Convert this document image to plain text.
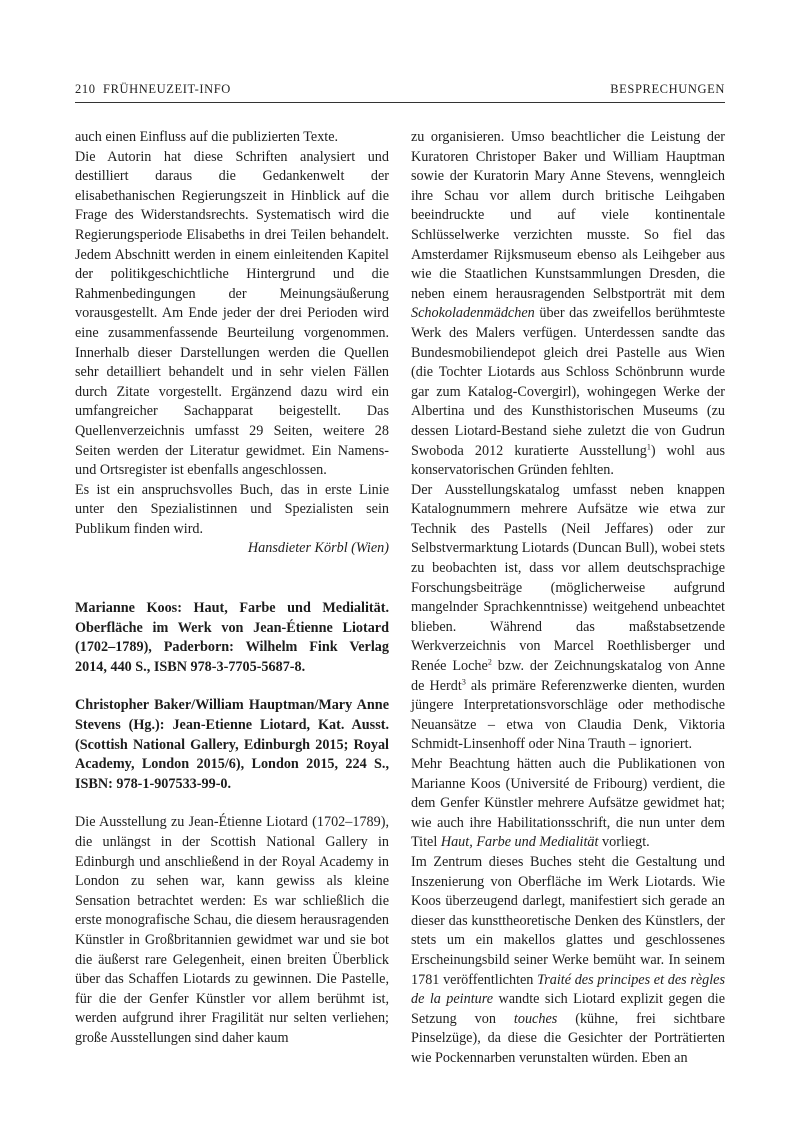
210 FRÜHNEUZEIT-INFO	BESPRECHUNGEN

auch einen Einfluss auf die publizierten Texte.

Die Autorin hat diese Schriften analysiert und destilliert daraus die Gedankenwelt der elisabethanischen Regierungszeit in Hinblick auf die Frage des Widerstandsrechts. Systematisch wird die Regierungsperiode Elisabeths in drei Teilen behandelt. Jedem Abschnitt werden in einem einleitenden Kapitel der politikgeschichtliche Hintergrund und die Rahmenbedingungen der Meinungsäußerung vorausgestellt. Am Ende jeder der drei Perioden wird eine zusammenfassende Beurteilung vorgenommen. Innerhalb dieser Darstellungen werden die Quellen sehr detailliert behandelt und in sehr vielen Fällen durch Zitate vorgestellt. Ergänzend dazu wird ein umfangreicher Sachapparat beigestellt. Das Quellenverzeichnis umfasst 29 Seiten, weitere 28 Seiten werden der Literatur gewidmet. Ein Namens- und Ortsregister ist ebenfalls angeschlossen.

Es ist ein anspruchsvolles Buch, das in erste Linie unter den Spezialistinnen und Spezialisten sein Publikum finden wird.

Hansdieter Körbl (Wien)

Marianne Koos: Haut, Farbe und Medialität. Oberfläche im Werk von Jean-Étienne Liotard (1702–1789), Paderborn: Wilhelm Fink Verlag 2014, 440 S., ISBN 978-3-7705-5687-8.

Christopher Baker/William Hauptman/Mary Anne Stevens (Hg.): Jean-Etienne Liotard, Kat. Ausst. (Scottish National Gallery, Edinburgh 2015; Royal Academy, London 2015/6), London 2015, 224 S., ISBN: 978-1-907533-99-0.

Die Ausstellung zu Jean-Étienne Liotard (1702–1789), die unlängst in der Scottish National Gallery in Edinburgh und anschließend in der Royal Academy in London zu sehen war, kann gewiss als kleine Sensation betrachtet werden: Es war schließlich die erste monografische Schau, die diesem herausragenden Künstler in Großbritannien gewidmet war und sie bot die äußerst rare Gelegenheit, einen breiten Überblick über das Schaffen Liotards zu gewinnen. Die Pastelle, für die der Genfer Künstler vor allem berühmt ist, werden aufgrund ihrer Fragilität nur selten verliehen; große Ausstellungen sind daher kaum

zu organisieren. Umso beachtlicher die Leistung der Kuratoren Christoper Baker und William Hauptman sowie der Kuratorin Mary Anne Stevens, wenngleich ihre Schau vor allem durch britische Leihgaben beeindruckte und auf viele kontinentale Schlüsselwerke verzichten musste. So fiel das Amsterdamer Rijksmuseum ebenso als Leihgeber aus wie die Staatlichen Kunstsammlungen Dresden, die neben einem herausragenden Selbstporträt mit dem Schokoladenmädchen über das zweifellos berühmteste Werk des Malers verfügen. Unterdessen sandte das Bundesmobiliendepot gleich drei Pastelle aus Wien (die Tochter Liotards aus Schloss Schönbrunn wurde gar zum Katalog-Covergirl), wohingegen Werke der Albertina und des Kunsthistorischen Museums (zu dessen Liotard-Bestand siehe zuletzt die von Gudrun Swoboda 2012 kuratierte Ausstellung$^1$) wohl aus konservatorischen Gründen fehlten.

Der Ausstellungskatalog umfasst neben knappen Katalognummern mehrere Aufsätze wie etwa zur Technik des Pastells (Neil Jeffares) oder zur Selbstvermarktung Liotards (Duncan Bull), wobei stets zu beobachten ist, dass vor allem deutschsprachige Forschungsbeiträge (möglicherweise aufgrund mangelnder Sprachkenntnisse) weitgehend unbeachtet blieben. Während das maßstabsetzende Werkverzeichnis von Marcel Roethlisberger und Renée Loche$^2$ bzw. der Zeichnungskatalog von Anne de Herdt$^3$ als primäre Referenzwerke dienten, wurden jüngere Interpretationsvorschläge oder methodische Neuansätze – etwa von Claudia Denk, Viktoria Schmidt-Linsenhoff oder Nina Trauth – ignoriert.

Mehr Beachtung hätten auch die Publikationen von Marianne Koos (Université de Fribourg) verdient, die dem Genfer Künstler mehrere Aufsätze gewidmet hat; wie auch ihre Habilitationsschrift, die nun unter dem Titel Haut, Farbe und Medialität vorliegt.

Im Zentrum dieses Buches steht die Gestaltung und Inszenierung von Oberfläche im Werk Liotards. Wie Koos überzeugend darlegt, manifestiert sich gerade an dieser das kunsttheoretische Denken des Künstlers, der stets um ein makellos glattes und geschlossenes Erscheinungsbild seiner Werke bemüht war. In seinem 1781 veröffentlichten Traité des principes et des règles de la peinture wandte sich Liotard explizit gegen die Setzung von touches (kühne, frei sichtbare Pinselzüge), da diese die Gesichter der Porträtierten wie Pockennarben verunstalten würden. Eben an
